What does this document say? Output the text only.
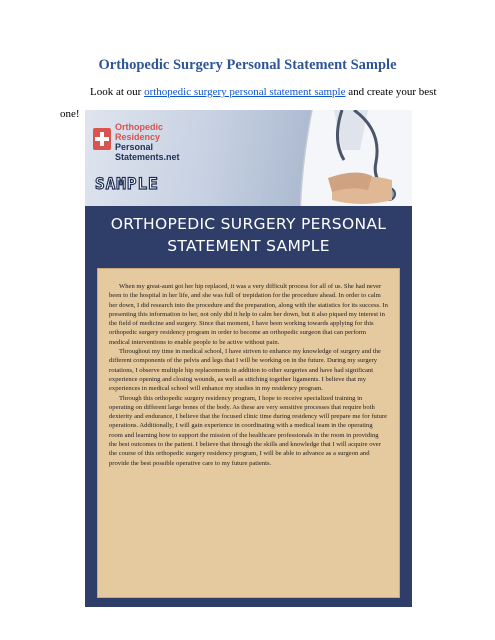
Orthopedic Surgery Personal Statement Sample

Look at our orthopedic surgery personal statement sample and create your best

one!
Orthopedic
Residency
Personal
Statements.net
SAMPLE
ORTHOPEDIC SURGERY PERSONAL
STATEMENT SAMPLE

When my great-aunt got her hip replaced, it was a very difficult process for all of us. She had never been to the hospital in her life, and she was full of trepidation for the procedure ahead. In order to calm her down, I did research into the procedure and the preparation, along with the statistics for its success. In presenting this information to her, not only did it help to calm her down, but it also piqued my interest in the field of medicine and surgery. Since that moment, I have been working towards applying for this orthopedic surgery residency program in order to become an orthopedic surgeon that can perform medical interventions to enable people to be active without pain.

Throughout my time in medical school, I have striven to enhance my knowledge of surgery and the different components of the pelvis and legs that I will be working on in the future. During my surgery rotations, I observe multiple hip replacements in addition to other surgeries and have had significant experience opening and closing wounds, as well as stitching together ligaments. I believe that my experiences in medical school will enhance my studies in my residency program.

Through this orthopedic surgery residency program, I hope to receive specialized training in operating on different large bones of the body. As these are very sensitive processes that require both dexterity and endurance, I believe that the focused clinic time during residency will prepare me for future operations. Additionally, I will gain experience in coordinating with a medical team in the operating room and learning how to support the mission of the healthcare professionals in the room in providing the best outcomes to the patient. I believe that through the skills and knowledge that I will acquire over the course of this orthopedic surgery residency program, I will be able to advance as a surgeon and provide the best possible operative care to my future patients.
